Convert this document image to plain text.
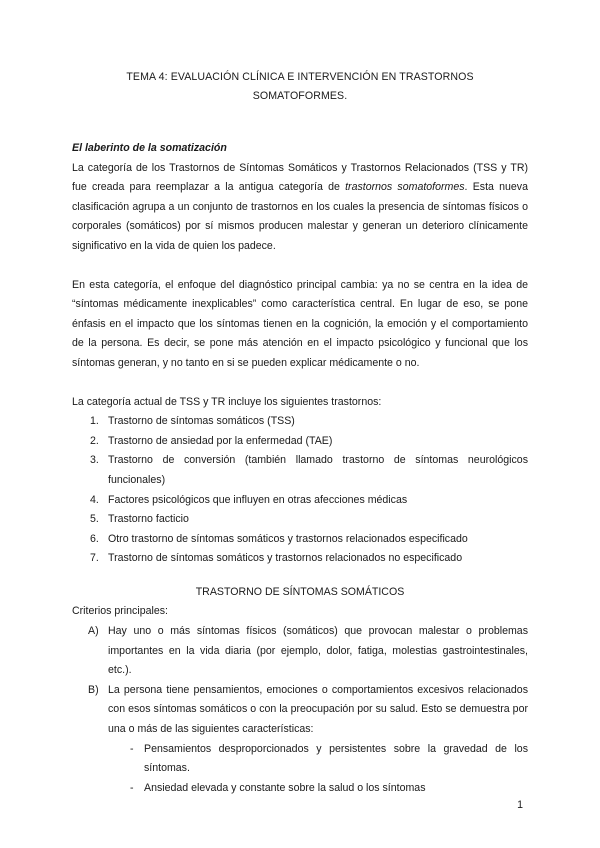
TEMA 4: EVALUACIÓN CLÍNICA E INTERVENCIÓN EN TRASTORNOS
SOMATOFORMES.

El laberinto de la somatización

La categoría de los Trastornos de Síntomas Somáticos y Trastornos Relacionados (TSS y TR) fue creada para reemplazar a la antigua categoría de trastornos somatoformes. Esta nueva clasificación agrupa a un conjunto de trastornos en los cuales la presencia de síntomas físicos o corporales (somáticos) por sí mismos producen malestar y generan un deterioro clínicamente significativo en la vida de quien los padece.

En esta categoría, el enfoque del diagnóstico principal cambia: ya no se centra en la idea de “síntomas médicamente inexplicables” como característica central. En lugar de eso, se pone énfasis en el impacto que los síntomas tienen en la cognición, la emoción y el comportamiento de la persona. Es decir, se pone más atención en el impacto psicológico y funcional que los síntomas generan, y no tanto en si se pueden explicar médicamente o no.

La categoría actual de TSS y TR incluye los siguientes trastornos:

1. Trastorno de síntomas somáticos (TSS)
2. Trastorno de ansiedad por la enfermedad (TAE)
3. Trastorno de conversión (también llamado trastorno de síntomas neurológicos funcionales)
4. Factores psicológicos que influyen en otras afecciones médicas
5. Trastorno facticio
6. Otro trastorno de síntomas somáticos y trastornos relacionados especificado
7. Trastorno de síntomas somáticos y trastornos relacionados no especificado
TRASTORNO DE SÍNTOMAS SOMÁTICOS

Criterios principales:

A) Hay uno o más síntomas físicos (somáticos) que provocan malestar o problemas importantes en la vida diaria (por ejemplo, dolor, fatiga, molestias gastrointestinales, etc.).
B) La persona tiene pensamientos, emociones o comportamientos excesivos relacionados con esos síntomas somáticos o con la preocupación por su salud. Esto se demuestra por una o más de las siguientes características:
- Pensamientos desproporcionados y persistentes sobre la gravedad de los síntomas.
- Ansiedad elevada y constante sobre la salud o los síntomas
1
